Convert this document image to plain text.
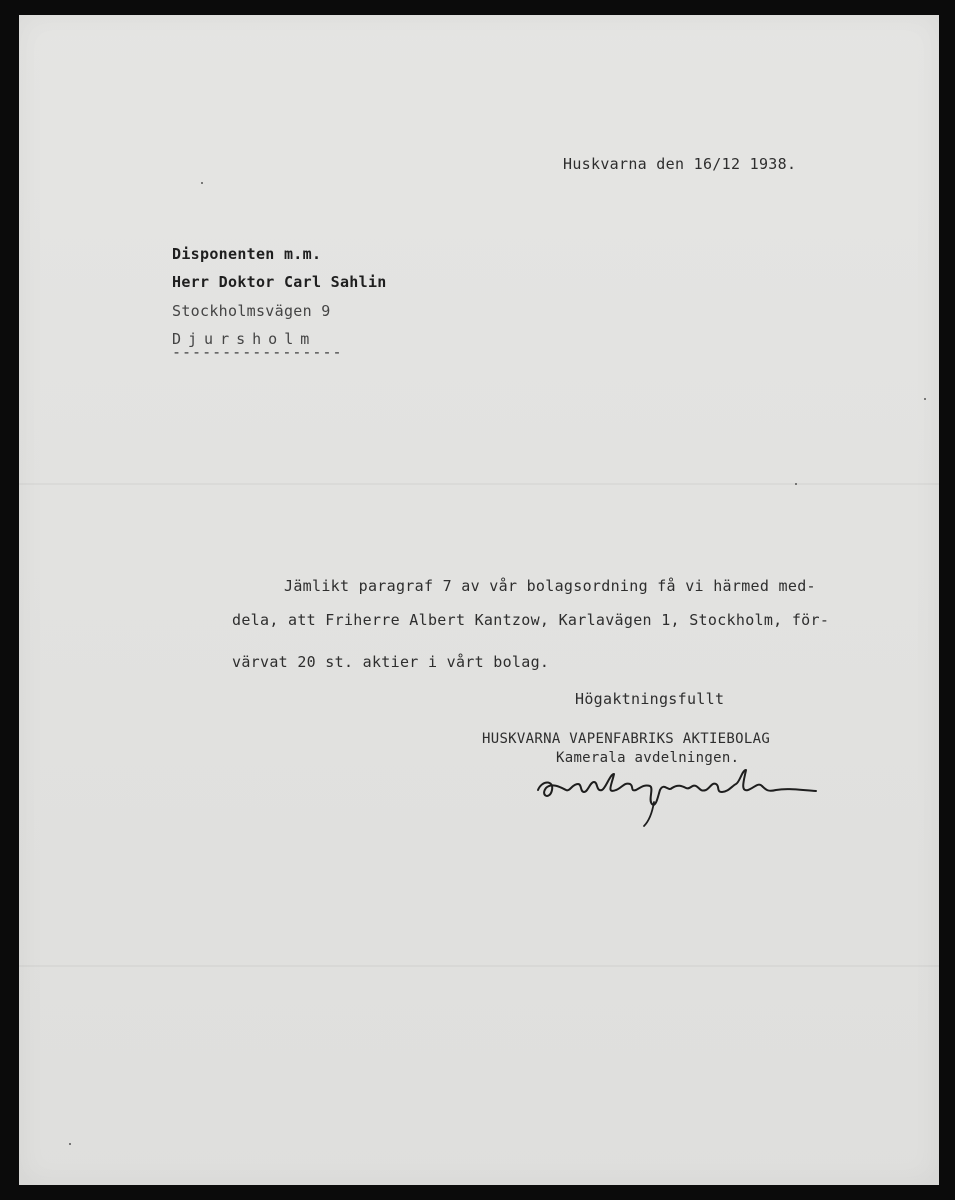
Huskvarna den 16/12 1938.
Disponenten m.m.
Herr Doktor Carl Sahlin
Stockholmsvägen 9
Djursholm
-----------------
Jämlikt paragraf 7 av vår bolagsordning få vi härmed med-
dela, att Friherre Albert Kantzow, Karlavägen 1, Stockholm, för-
värvat 20 st. aktier i vårt bolag.
Högaktningsfullt
HUSKVARNA VAPENFABRIKS AKTIEBOLAG
Kamerala avdelningen.
